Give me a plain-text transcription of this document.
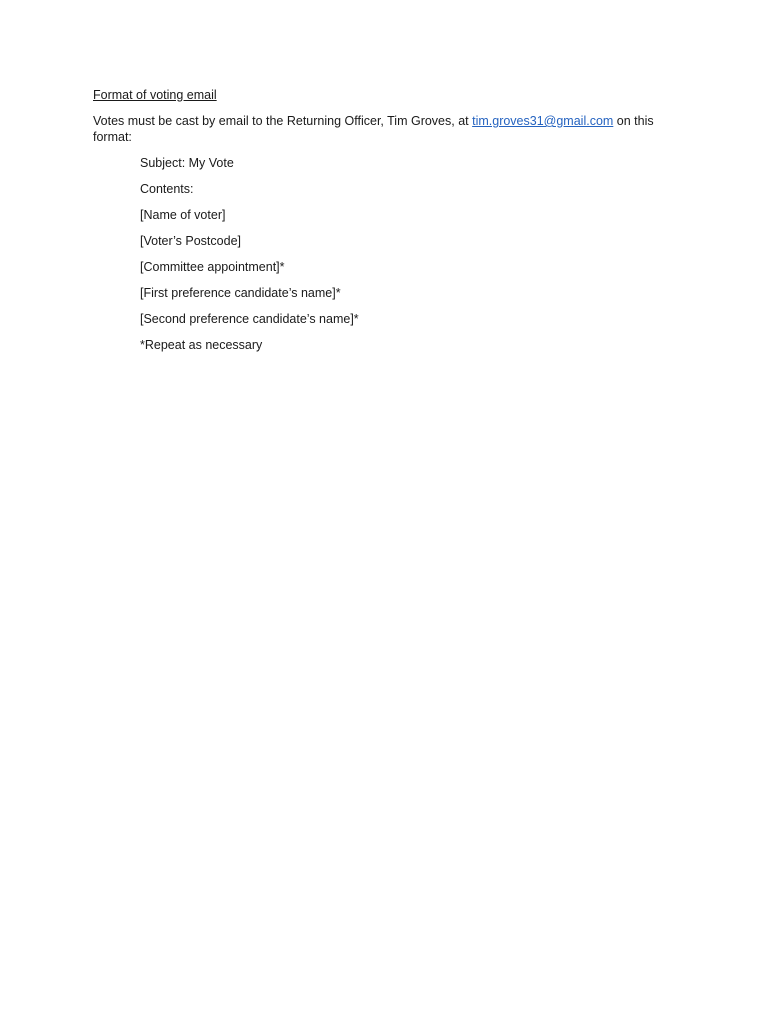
Format of voting email

Votes must be cast by email to the Returning Officer, Tim Groves, at tim.groves31@gmail.com on this format:

Subject: My Vote
Contents:
[Name of voter]
[Voter’s Postcode]
[Committee appointment]*
[First preference candidate’s name]*
[Second preference candidate’s name]*
*Repeat as necessary
